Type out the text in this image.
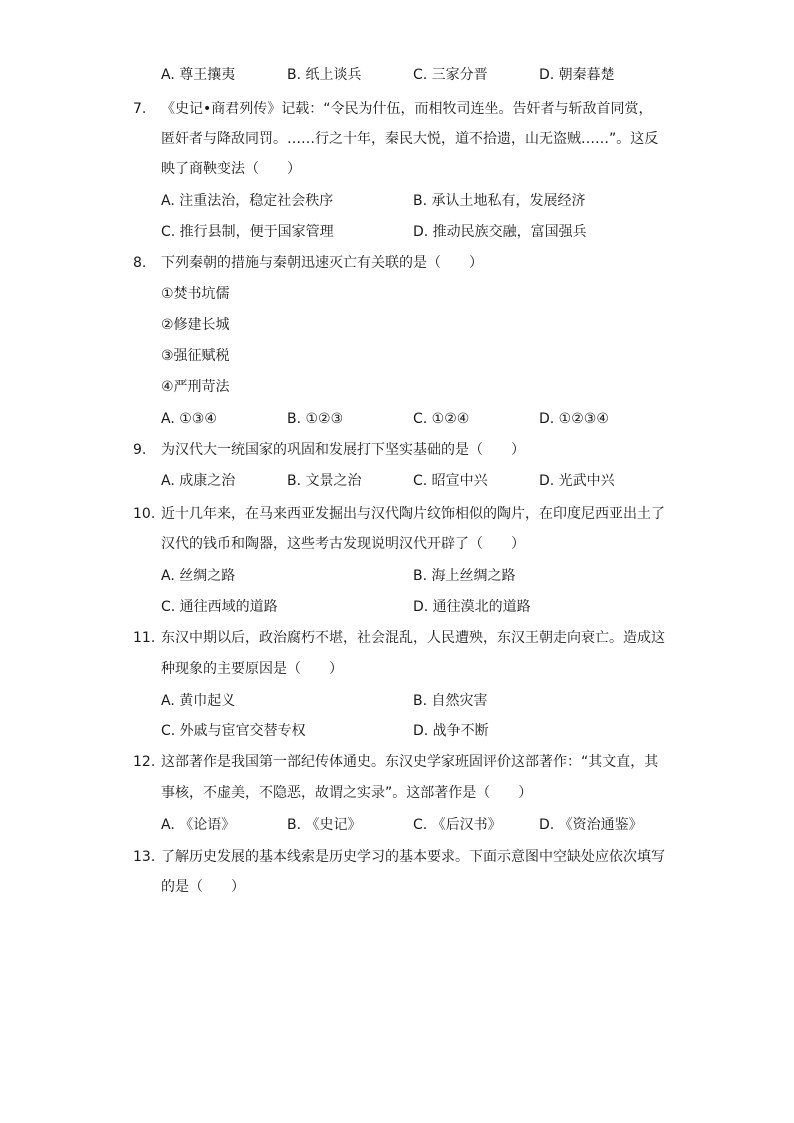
A. 尊王攘夷	B. 纸上谈兵	C. 三家分晋	D. 朝秦暮楚
7.	《史记•商君列传》记载：“令民为什伍，而相牧司连坐。告奸者与斩敌首同赏，
匿奸者与降敌同罚。……行之十年，秦民大悦，道不拾遗，山无盗贼……”。这反
映了商鞅变法（　　）
A. 注重法治，稳定社会秩序	B. 承认土地私有，发展经济
C. 推行县制，便于国家管理	D. 推动民族交融，富国强兵
8.	下列秦朝的措施与秦朝迅速灭亡有关联的是（　　）
①焚书坑儒
②修建长城
③强征赋税
④严刑苛法
A. ①③④	B. ①②③	C. ①②④	D. ①②③④
9.	为汉代大一统国家的巩固和发展打下坚实基础的是（　　）
A. 成康之治	B. 文景之治	C. 昭宣中兴	D. 光武中兴
10. 近十几年来，在马来西亚发掘出与汉代陶片纹饰相似的陶片，在印度尼西亚出土了
汉代的钱币和陶器，这些考古发现说明汉代开辟了（　　）
A. 丝绸之路	B. 海上丝绸之路
C. 通往西域的道路	D. 通往漠北的道路
11. 东汉中期以后，政治腐朽不堪，社会混乱，人民遭殃，东汉王朝走向衰亡。造成这
种现象的主要原因是（　　）
A. 黄巾起义	B. 自然灾害
C. 外戚与宦官交替专权	D. 战争不断
12. 这部著作是我国第一部纪传体通史。东汉史学家班固评价这部著作：“其文直，其
事核，不虚美，不隐恶，故谓之实录”。这部著作是（　　）
A. 《论语》	B. 《史记》	C. 《后汉书》	D. 《资治通鉴》
13. 了解历史发展的基本线索是历史学习的基本要求。下面示意图中空缺处应依次填写
的是（　　）
